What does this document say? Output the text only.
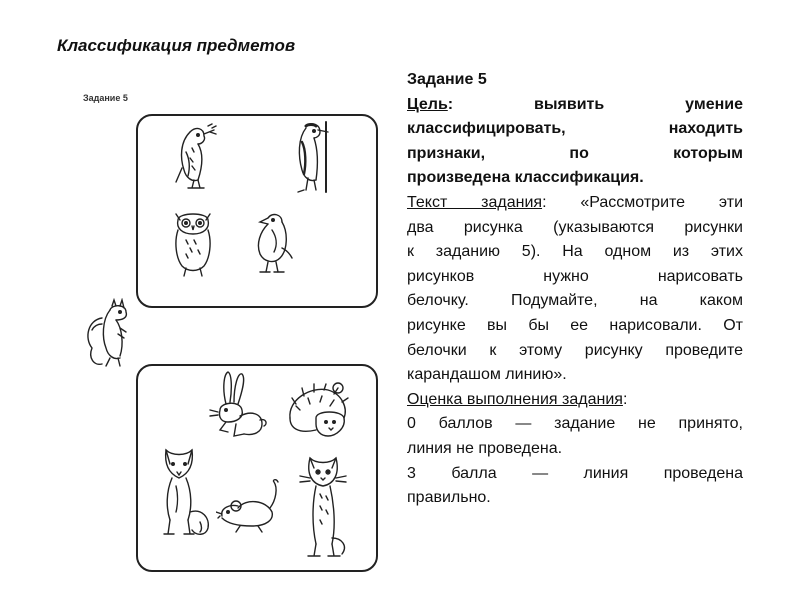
Классификация предметов
Задание 5

Задание 5

Цель:	выявить умение

классифицировать, находить

признаки, по которым

произведена классификация.

Текст задания: «Рассмотрите эти

два рисунка (указываются рисунки

к заданию 5). На одном из этих

рисунков нужно нарисовать

белочку. Подумайте, на каком

рисунке вы бы ее нарисовали. От

белочки к этому рисунку проведите

карандашом линию».

Оценка выполнения задания:

0 баллов — задание не принято,

линия не проведена.

3 балла — линия проведена

правильно.
